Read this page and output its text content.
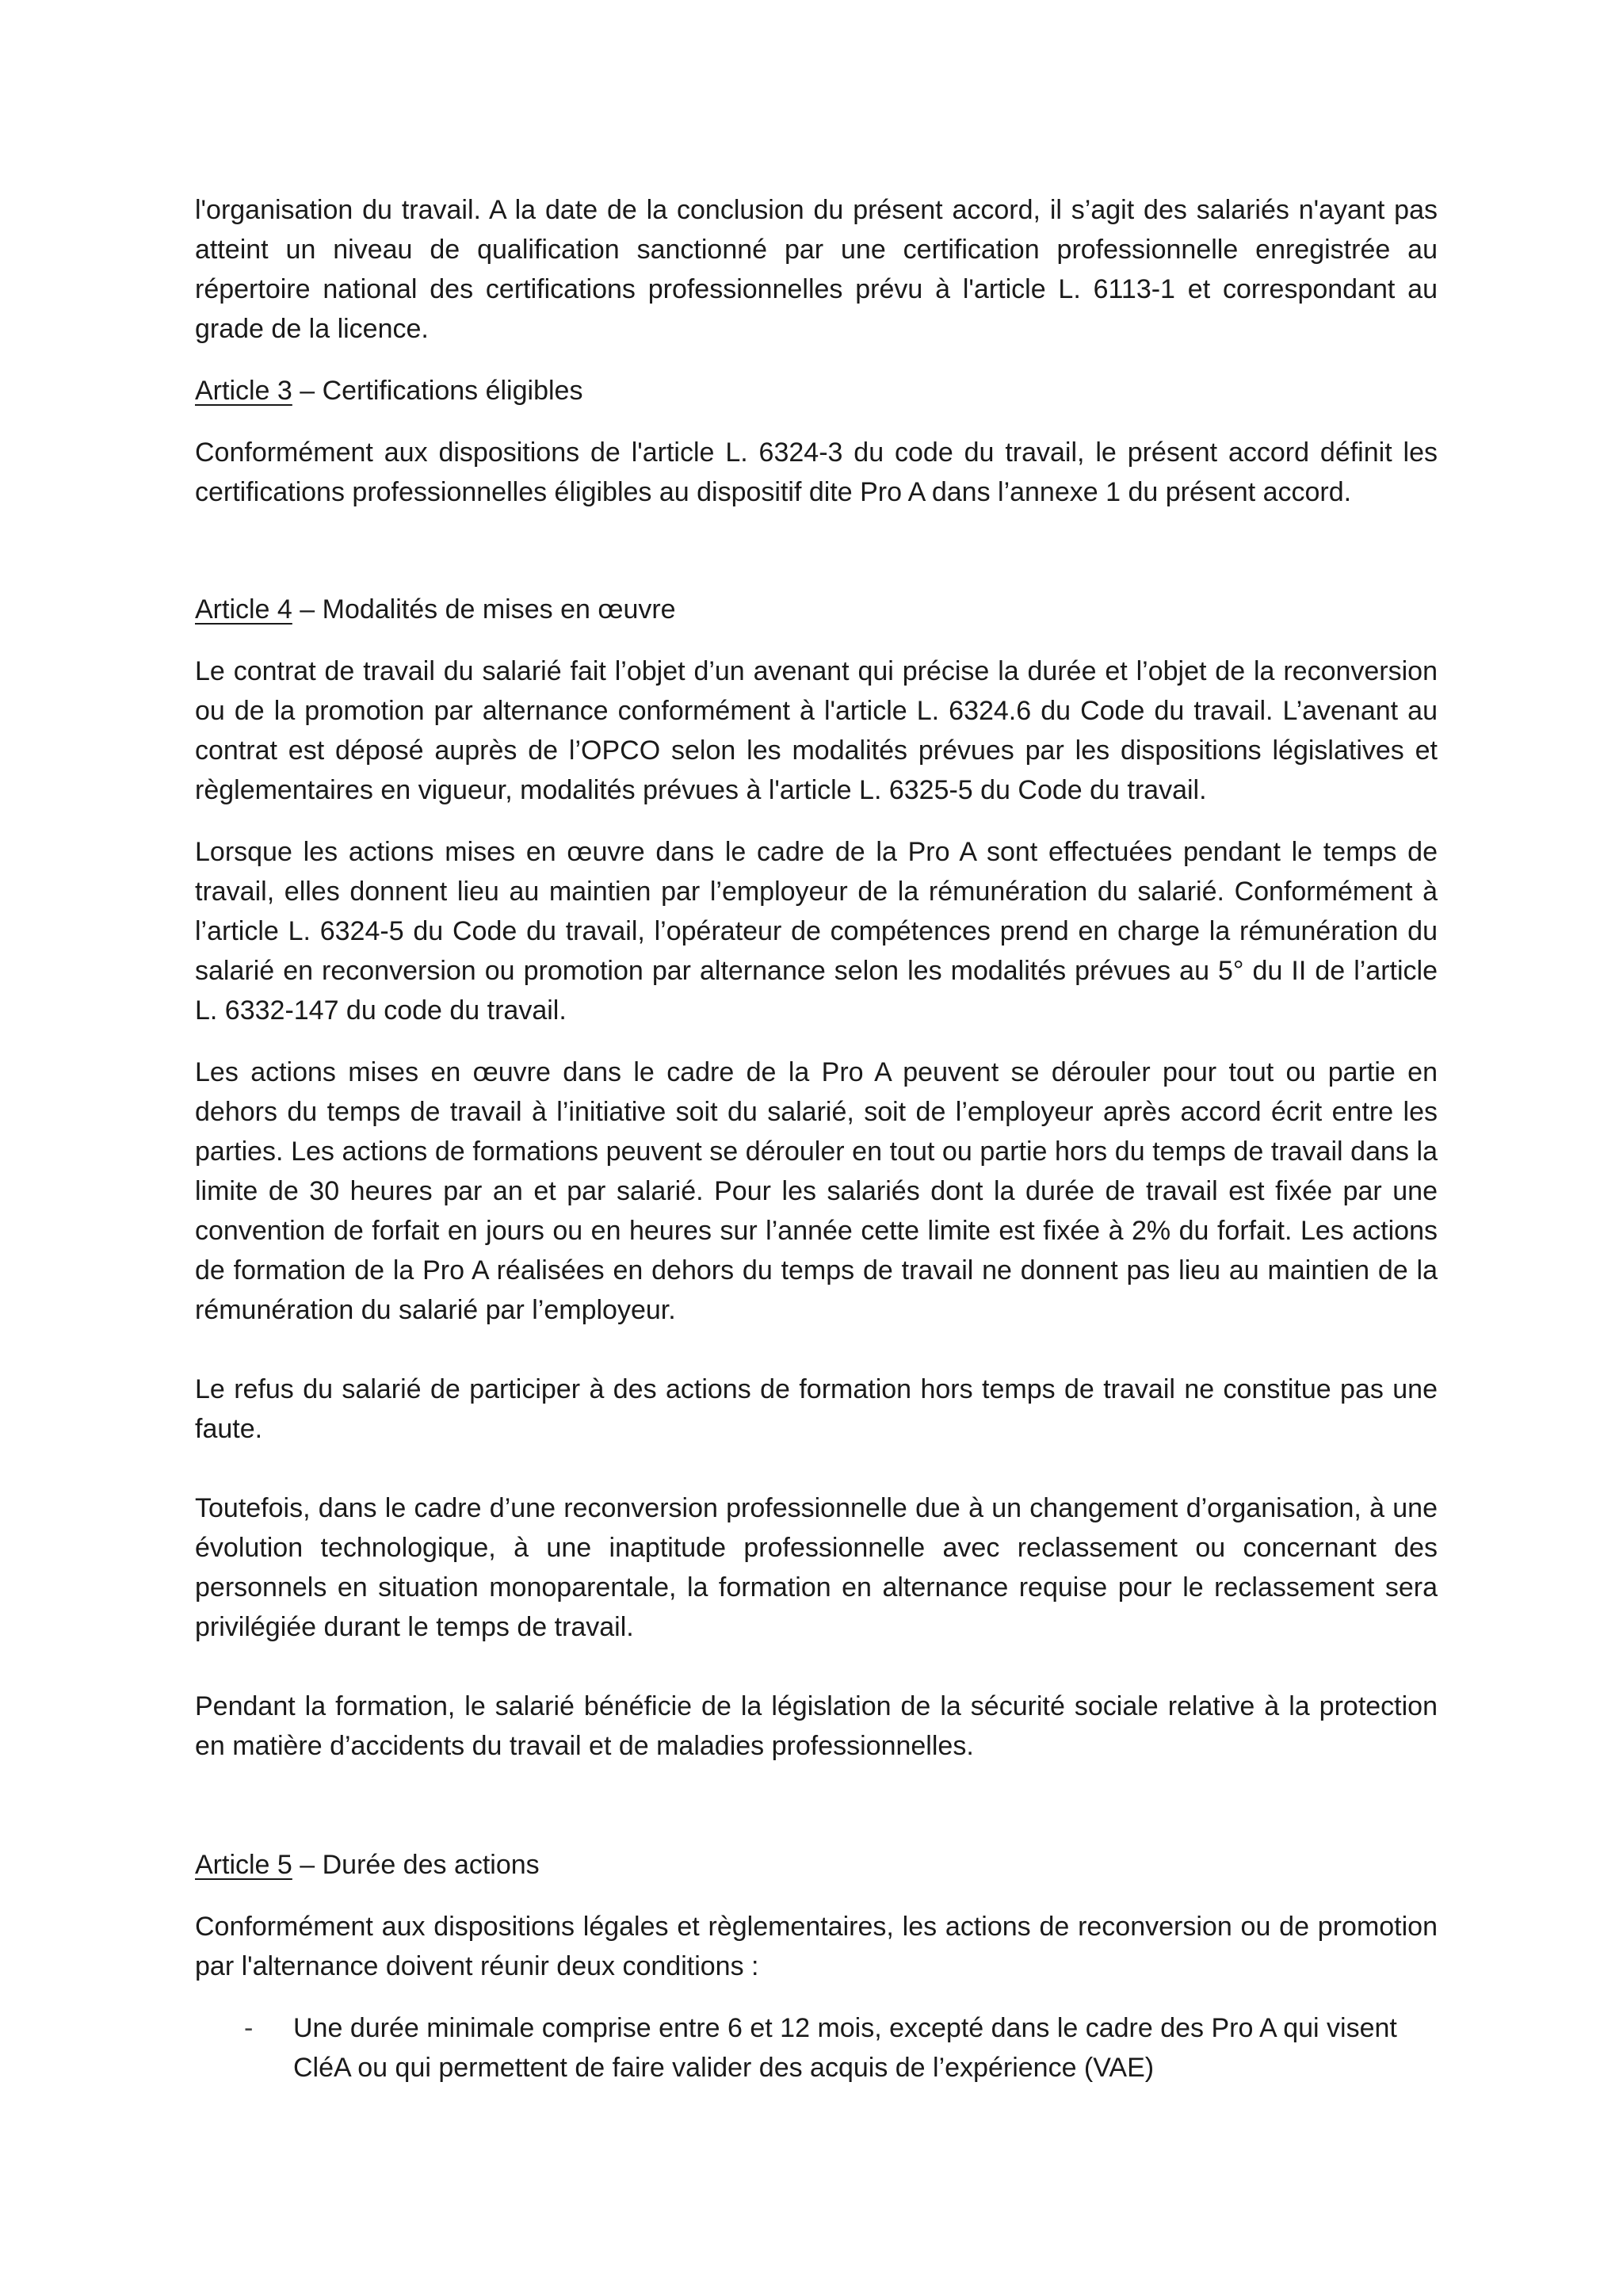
l'organisation du travail. A la date de la conclusion du présent accord, il s’agit des salariés n'ayant pas atteint un niveau de qualification sanctionné par une certification professionnelle enregistrée au répertoire national des certifications professionnelles prévu à l'article L. 6113-1 et correspondant au grade de la licence.

Article 3 – Certifications éligibles

Conformément aux dispositions de l'article L. 6324-3 du code du travail, le présent accord définit les certifications professionnelles éligibles au dispositif dite Pro A dans l’annexe 1 du présent accord.

Article 4 – Modalités de mises en œuvre

Le contrat de travail du salarié fait l’objet d’un avenant qui précise la durée et l’objet de la reconversion ou de la promotion par alternance conformément à l'article L. 6324.6 du Code du travail. L’avenant au contrat est déposé auprès de l’OPCO selon les modalités prévues par les dispositions législatives et règlementaires en vigueur, modalités prévues à l'article L. 6325-5 du Code du travail.

Lorsque les actions mises en œuvre dans le cadre de la Pro A sont effectuées pendant le temps de travail, elles donnent lieu au maintien par l’employeur de la rémunération du salarié. Conformément à l’article L. 6324-5 du Code du travail, l’opérateur de compétences prend en charge la rémunération du salarié en reconversion ou promotion par alternance selon les modalités prévues au 5° du II de l’article L. 6332-147 du code du travail.

Les actions mises en œuvre dans le cadre de la Pro A peuvent se dérouler pour tout ou partie en dehors du temps de travail à l’initiative soit du salarié, soit de l’employeur après accord écrit entre les parties. Les actions de formations peuvent se dérouler en tout ou partie hors du temps de travail dans la limite de 30 heures par an et par salarié. Pour les salariés dont la durée de travail est fixée par une convention de forfait en jours ou en heures sur l’année cette limite est fixée à 2% du forfait. Les actions de formation de la Pro A réalisées en dehors du temps de travail ne donnent pas lieu au maintien de la rémunération du salarié par l’employeur.

Le refus du salarié de participer à des actions de formation hors temps de travail ne constitue pas une faute.

Toutefois, dans le cadre d’une reconversion professionnelle due à un changement d’organisation, à une évolution technologique, à une inaptitude professionnelle avec reclassement ou concernant des personnels en situation monoparentale, la formation en alternance requise pour le reclassement sera privilégiée durant le temps de travail.

Pendant la formation, le salarié bénéficie de la législation de la sécurité sociale relative à la protection en matière d’accidents du travail et de maladies professionnelles.

Article 5 – Durée des actions

Conformément aux dispositions légales et règlementaires, les actions de reconversion ou de promotion par l'alternance doivent réunir deux conditions :

- Une durée minimale comprise entre 6 et 12 mois, excepté dans le cadre des Pro A qui visent CléA ou qui permettent de faire valider des acquis de l’expérience (VAE)
